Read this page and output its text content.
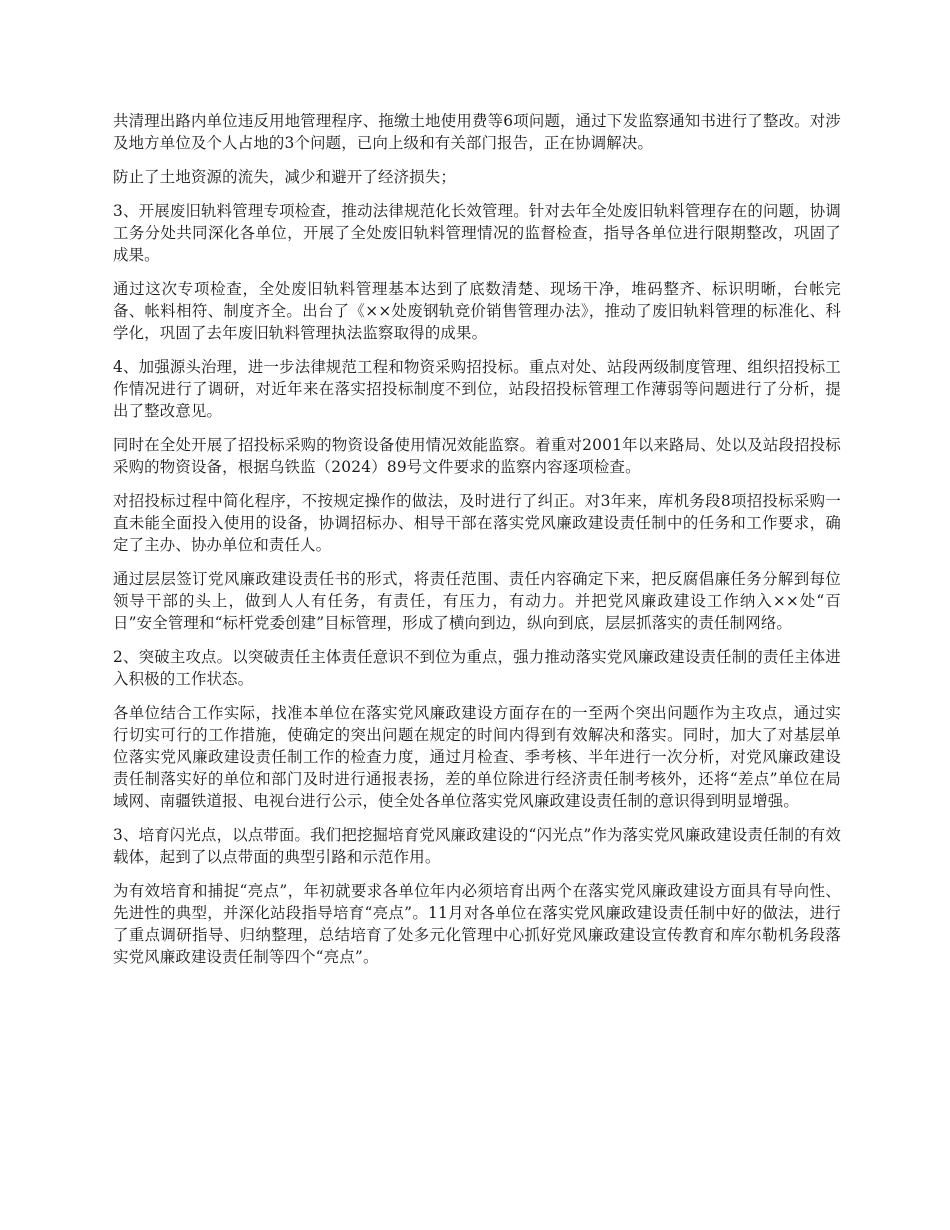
共清理出路内单位违反用地管理程序、拖缴土地使用费等6项问题，通过下发监察通知书进行了整改。对涉及地方单位及个人占地的3个问题，已向上级和有关部门报告，正在协调解决。

防止了土地资源的流失，减少和避开了经济损失；

3、开展废旧轨料管理专项检查，推动法律规范化长效管理。针对去年全处废旧轨料管理存在的问题，协调工务分处共同深化各单位，开展了全处废旧轨料管理情况的监督检查，指导各单位进行限期整改，巩固了成果。

通过这次专项检查，全处废旧轨料管理基本达到了底数清楚、现场干净，堆码整齐、标识明晰，台帐完备、帐料相符、制度齐全。出台了《××处废钢轨竞价销售管理办法》，推动了废旧轨料管理的标准化、科学化，巩固了去年废旧轨料管理执法监察取得的成果。

4、加强源头治理，进一步法律规范工程和物资采购招投标。重点对处、站段两级制度管理、组织招投标工作情况进行了调研，对近年来在落实招投标制度不到位，站段招投标管理工作薄弱等问题进行了分析，提出了整改意见。

同时在全处开展了招投标采购的物资设备使用情况效能监察。着重对2001年以来路局、处以及站段招投标采购的物资设备，根据乌铁监（2024）89号文件要求的监察内容逐项检查。

对招投标过程中简化程序，不按规定操作的做法，及时进行了纠正。对3年来，库机务段8项招投标采购一直未能全面投入使用的设备，协调招标办、相导干部在落实党风廉政建设责任制中的任务和工作要求，确定了主办、协办单位和责任人。

通过层层签订党风廉政建设责任书的形式，将责任范围、责任内容确定下来，把反腐倡廉任务分解到每位领导干部的头上，做到人人有任务，有责任，有压力，有动力。并把党风廉政建设工作纳入××处“百日”安全管理和“标杆党委创建”目标管理，形成了横向到边，纵向到底，层层抓落实的责任制网络。

2、突破主攻点。以突破责任主体责任意识不到位为重点，强力推动落实党风廉政建设责任制的责任主体进入积极的工作状态。

各单位结合工作实际，找准本单位在落实党风廉政建设方面存在的一至两个突出问题作为主攻点，通过实行切实可行的工作措施，使确定的突出问题在规定的时间内得到有效解决和落实。同时，加大了对基层单位落实党风廉政建设责任制工作的检查力度，通过月检查、季考核、半年进行一次分析，对党风廉政建设责任制落实好的单位和部门及时进行通报表扬，差的单位除进行经济责任制考核外，还将“差点”单位在局域网、南疆铁道报、电视台进行公示，使全处各单位落实党风廉政建设责任制的意识得到明显增强。

3、培育闪光点，以点带面。我们把挖掘培育党风廉政建设的“闪光点”作为落实党风廉政建设责任制的有效载体，起到了以点带面的典型引路和示范作用。

为有效培育和捕捉“亮点”，年初就要求各单位年内必须培育出两个在落实党风廉政建设方面具有导向性、先进性的典型，并深化站段指导培育“亮点”。11月对各单位在落实党风廉政建设责任制中好的做法，进行了重点调研指导、归纳整理，总结培育了处多元化管理中心抓好党风廉政建设宣传教育和库尔勒机务段落实党风廉政建设责任制等四个“亮点”。
